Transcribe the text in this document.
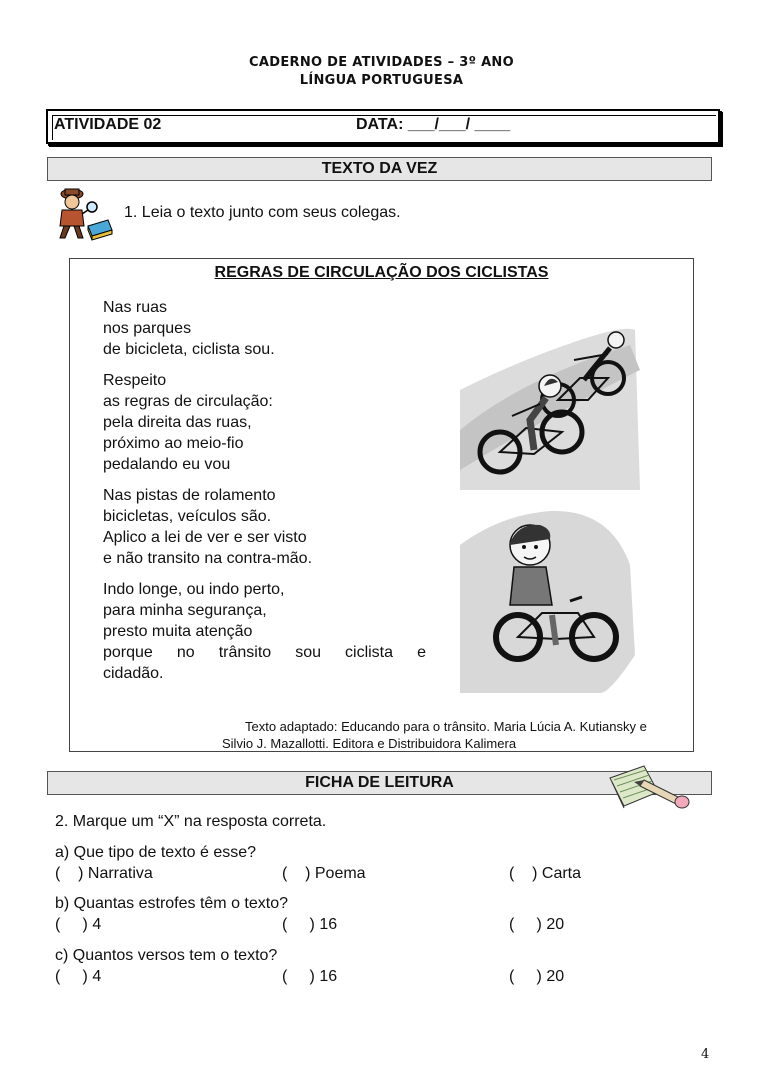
CADERNO DE ATIVIDADES – 3º ANO
LÍNGUA PORTUGUESA
ATIVIDADE 02	DATA: ___/___/ ____
TEXTO DA VEZ
1. Leia o texto junto com seus colegas.
REGRAS DE CIRCULAÇÃO DOS CICLISTAS
Nas ruas
nos parques
de bicicleta, ciclista sou.
Respeito
as regras de circulação:
pela direita das ruas,
próximo ao meio-fio
pedalando eu vou
Nas pistas de rolamento
bicicletas, veículos são.
Aplico a lei de ver e ser visto
e não transito na contra-mão.
Indo longe, ou indo perto,
para minha segurança,
presto muita atenção
porque no trânsito sou ciclista e
cidadão.
Texto adaptado: Educando para o trânsito. Maria Lúcia A. Kutiansky e
Silvio J. Mazallotti. Editora e Distribuidora Kalimera
FICHA DE LEITURA
2. Marque um “X” na resposta correta.
a) Que tipo de texto é esse?
(    ) Narrativa	(    ) Poema	(    ) Carta
b) Quantas estrofes têm o texto?
(     ) 4	(     ) 16	(     ) 20
c) Quantos versos tem o texto?
(     ) 4	(     ) 16	(     ) 20
4
